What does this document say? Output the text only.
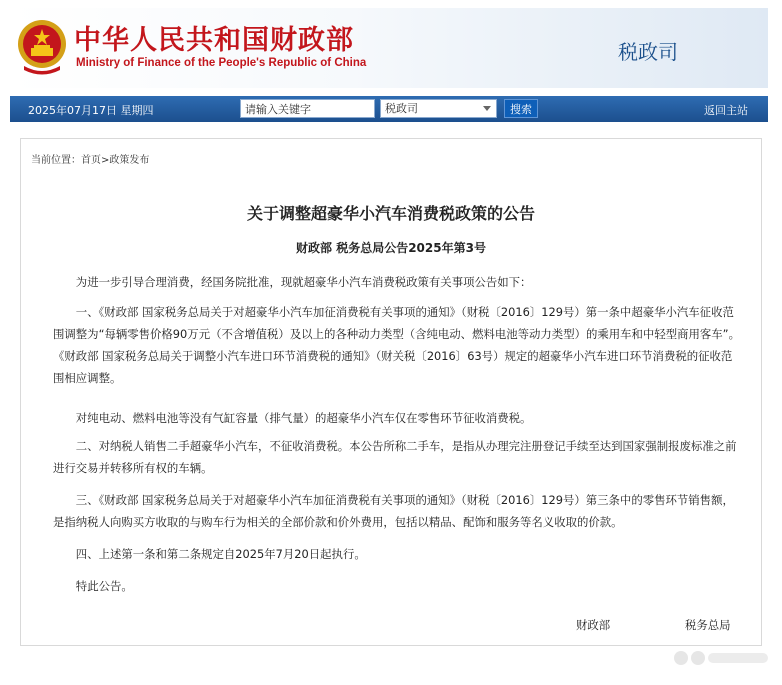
中华人民共和国财政部
Ministry of Finance of the People's Republic of China	税政司
2025年07月17日 星期四
请输入关键字	税政司	搜索	返回主站
当前位置：首页>政策发布
关于调整超豪华小汽车消费税政策的公告
财政部 税务总局公告2025年第3号

为进一步引导合理消费，经国务院批准，现就超豪华小汽车消费税政策有关事项公告如下：

一、《财政部 国家税务总局关于对超豪华小汽车加征消费税有关事项的通知》（财税〔2016〕129号）第一条中超豪华小汽车征收范围调整为“每辆零售价格90万元（不含增值税）及以上的各种动力类型（含纯电动、燃料电池等动力类型）的乘用车和中轻型商用客车”。《财政部 国家税务总局关于调整小汽车进口环节消费税的通知》（财关税〔2016〕63号）规定的超豪华小汽车进口环节消费税的征收范围相应调整。

对纯电动、燃料电池等没有气缸容量（排气量）的超豪华小汽车仅在零售环节征收消费税。

二、对纳税人销售二手超豪华小汽车，不征收消费税。本公告所称二手车，是指从办理完注册登记手续至达到国家强制报废标准之前进行交易并转移所有权的车辆。

三、《财政部 国家税务总局关于对超豪华小汽车加征消费税有关事项的通知》（财税〔2016〕129号）第三条中的零售环节销售额，是指纳税人向购买方收取的与购车行为相关的全部价款和价外费用，包括以精品、配饰和服务等名义收取的价款。

四、上述第一条和第二条规定自2025年7月20日起执行。

特此公告。

财政部	税务总局
